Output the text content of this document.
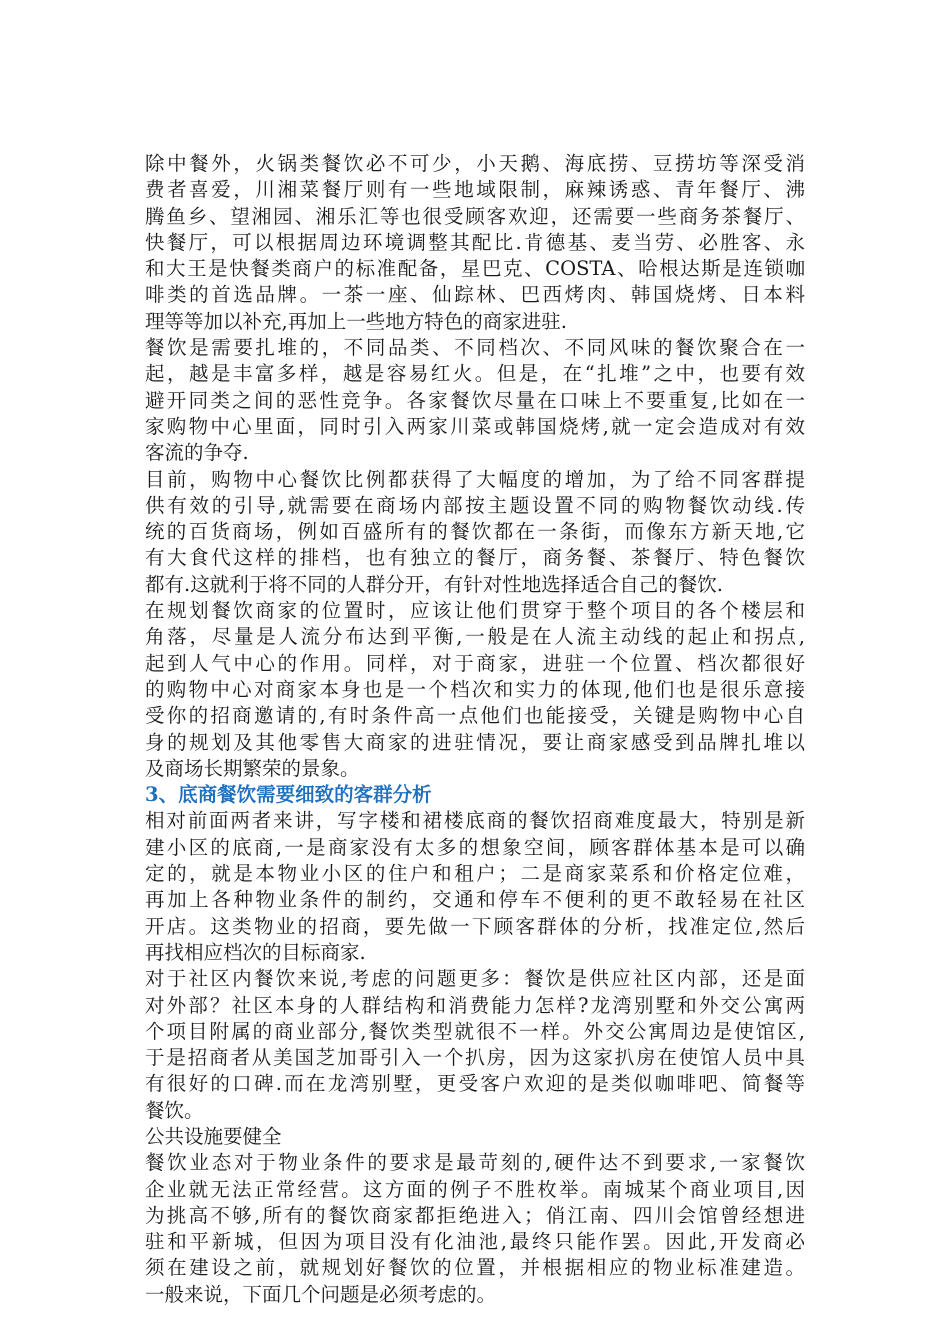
除中餐外，火锅类餐饮必不可少，小天鹅、海底捞、豆捞坊等深受消
费者喜爱，川湘菜餐厅则有一些地域限制，麻辣诱惑、青年餐厅、沸
腾鱼乡、望湘园、湘乐汇等也很受顾客欢迎，还需要一些商务茶餐厅、
快餐厅，可以根据周边环境调整其配比.肯德基、麦当劳、必胜客、永
和大王是快餐类商户的标准配备，星巴克、COSTA、哈根达斯是连锁咖
啡类的首选品牌。一茶一座、仙踪林、巴西烤肉、韩国烧烤、日本料
理等等加以补充,再加上一些地方特色的商家进驻.
餐饮是需要扎堆的，不同品类、不同档次、不同风味的餐饮聚合在一
起，越是丰富多样，越是容易红火。但是，在“扎堆”之中，也要有效
避开同类之间的恶性竞争。各家餐饮尽量在口味上不要重复,比如在一
家购物中心里面，同时引入两家川菜或韩国烧烤,就一定会造成对有效
客流的争夺.
目前，购物中心餐饮比例都获得了大幅度的增加，为了给不同客群提
供有效的引导,就需要在商场内部按主题设置不同的购物餐饮动线.传
统的百货商场，例如百盛所有的餐饮都在一条街，而像东方新天地,它
有大食代这样的排档，也有独立的餐厅，商务餐、茶餐厅、特色餐饮
都有.这就利于将不同的人群分开，有针对性地选择适合自己的餐饮.
在规划餐饮商家的位置时，应该让他们贯穿于整个项目的各个楼层和
角落，尽量是人流分布达到平衡,一般是在人流主动线的起止和拐点,
起到人气中心的作用。同样，对于商家，进驻一个位置、档次都很好
的购物中心对商家本身也是一个档次和实力的体现,他们也是很乐意接
受你的招商邀请的,有时条件高一点他们也能接受，关键是购物中心自
身的规划及其他零售大商家的进驻情况，要让商家感受到品牌扎堆以
及商场长期繁荣的景象。
3、底商餐饮需要细致的客群分析
相对前面两者来讲，写字楼和裙楼底商的餐饮招商难度最大，特别是新
建小区的底商,一是商家没有太多的想象空间，顾客群体基本是可以确
定的，就是本物业小区的住户和租户；二是商家菜系和价格定位难，
再加上各种物业条件的制约，交通和停车不便利的更不敢轻易在社区
开店。这类物业的招商，要先做一下顾客群体的分析，找准定位,然后
再找相应档次的目标商家.
对于社区内餐饮来说,考虑的问题更多：餐饮是供应社区内部，还是面
对外部？社区本身的人群结构和消费能力怎样?龙湾别墅和外交公寓两
个项目附属的商业部分,餐饮类型就很不一样。外交公寓周边是使馆区,
于是招商者从美国芝加哥引入一个扒房，因为这家扒房在使馆人员中具
有很好的口碑.而在龙湾别墅，更受客户欢迎的是类似咖啡吧、简餐等
餐饮。
公共设施要健全
餐饮业态对于物业条件的要求是最苛刻的,硬件达不到要求,一家餐饮
企业就无法正常经营。这方面的例子不胜枚举。南城某个商业项目,因
为挑高不够,所有的餐饮商家都拒绝进入；俏江南、四川会馆曾经想进
驻和平新城，但因为项目没有化油池,最终只能作罢。因此,开发商必
须在建设之前，就规划好餐饮的位置，并根据相应的物业标准建造。
一般来说，下面几个问题是必须考虑的。
